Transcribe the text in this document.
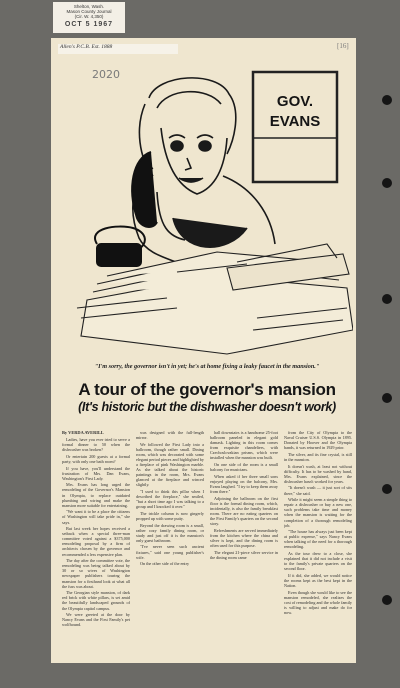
Shelton, Wash.
Mason County Journal
(Cir. W. 4,350)
OCT 5 1967
Allen's P.C.B. Est. 1888
2020
[16]
GOV.
EVANS
"I'm sorry, the governor isn't in yet; he's at home fixing a leaky faucet in the mansion."
A tour of the governor's mansion
(It's historic but the dishwasher doesn't work)
By VERDA AVERILL

Ladies, have you ever tried to serve a formal dinner to 50 when the dishwasher was broken?

Or entertain 200 guests at a formal party, with only one bath room?

If you have, you'll understand the frustration of Mrs. Dan Evans, Washington's First Lady.

Mrs. Evans has long urged the remodeling of the Governor's Mansion in Olympia, to replace outdated plumbing and wiring and make the mansion more suitable for entertaining.

"We want it to be a place the citizens of Washington will take pride in," she says.

But last week her hopes received a setback when a special three-man committee voted against a $375,000 remodeling proposal by a firm of architects chosen by the governor and recommended a less expensive plan.

The day after the committee vote, the remodeling was being talked about by 30 or so wives of Washington newspaper publishers touring the mansion for a firsthand look at what all the fuss was about.

The Georgian style mansion, of dark red brick with white pillars, is set amid the beautifully landscaped grounds of the Olympia capitol campus.

We were greeted at the door by Nancy Evans and the First Family's pet wolfhound.

was designed with the full-length mirror.

We followed the First Lady into a ballroom, though rather small. Dining room, which was decorated with some elegant period pieces and highlighted by a fireplace of pink Washington marble. As she talked about the historic paintings in the room, Mrs. Evans glanced at the fireplace and winced slightly.

"I used to think this pillar when I described the fireplace," she smiled, "but a short time ago I was talking to a group and I knocked it over."

The trickle column is now gingerly propped up with some putty.

Beyond the drawing room is a small, rather cozy family dining room, or study and just off it is the mansion's only guest bathroom.

"I've never seen such ancient fixtures," said one young publisher's wife.

On the other side of the entry

hall downstairs is a handsome 25-foot ballroom paneled in elegant gold damask. Lighting in this room comes from exquisite chandeliers, with Czechoslovakian prisms, which were installed when the mansion was built.

On one side of the room is a small balcony for musicians.

When asked if her three small sons enjoyed playing on the balcony, Mrs. Evans laughed. "I try to keep them away from there."

Adjoining the ballroom on the first floor is the formal dining room, which, incidentally, is also the family breakfast room. There are no eating quarters on the First Family's quarters on the second story.

Refreshments are served immediately from the kitchen where the china and silver is kept, and the dining room is often used for this purpose.

The elegant 21-piece silver service in the dining room came

from the City of Olympia to the Naval Cruiser U.S.S. Olympia in 1895. Donated by Hoover and the Olympia bands, it was returned in 1929 prior.

The silver, and its fine crystal, is still in the mansion.

It doesn't wash, at least not without difficulty. It has to be washed by hand, Mrs. Evans explained, since the dishwasher hasn't worked for years.

"It doesn't wash — it just sort of sits there," she said.

While it might seem a simple thing to repair a dishwasher or buy a new one, such problems take time and money when the mansion is waiting for the completion of a thorough remodeling job.

"The house has always just been kept at public expense," says Nancy Evans when talking of the need for a thorough remodeling.

As the tour drew to a close, she explained that it did not include a visit to the family's private quarters on the second floor.

If it did, she added, we would notice the rooms kept as the best kept in the Nation.

Even though she would like to see the mansion remodeled, she realizes the cost of remodeling and the whole family is willing to adjust and make do for now.
